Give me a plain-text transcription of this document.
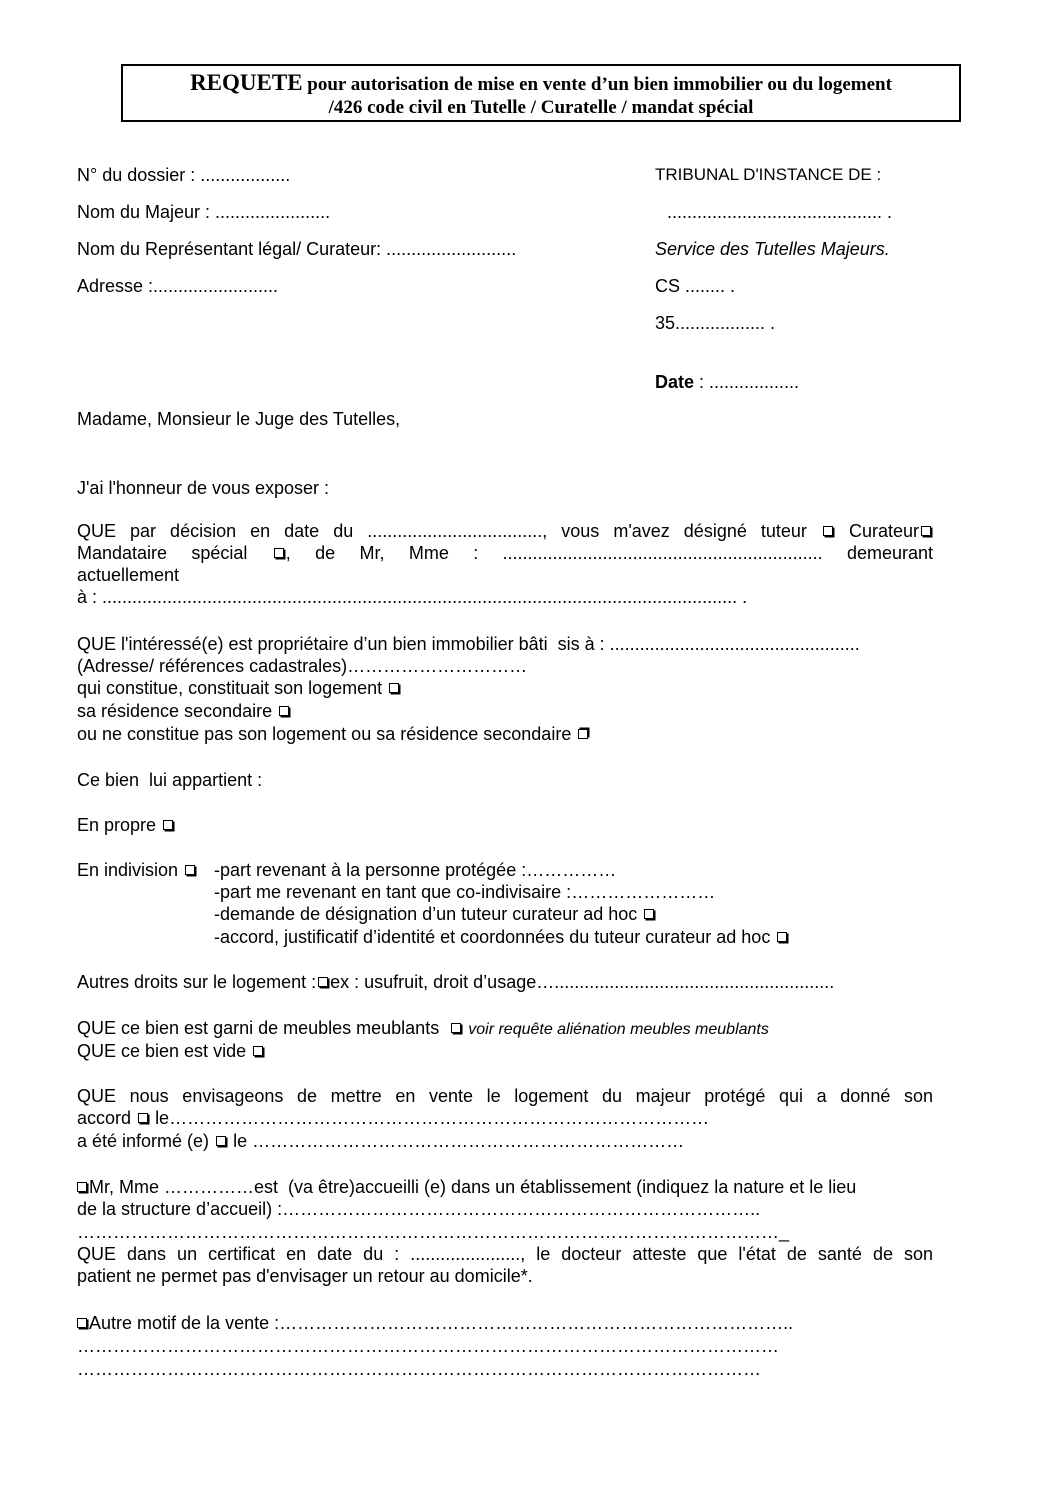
REQUETE pour autorisation de mise en vente d’un bien immobilier ou du logement
/426 code civil en Tutelle / Curatelle / mandat spécial
N° du dossier : ..................
Nom du Majeur : .......................
Nom du Représentant légal/ Curateur: ..........................
Adresse :.........................
TRIBUNAL D'INSTANCE DE :
........................................... .
Service des Tutelles Majeurs.
CS ........ .
35.................. .
Date : ..................
Madame, Monsieur le Juge des Tutelles,
J'ai l'honneur de vous exposer :
QUE par décision en date du ..................................., vous m'avez désigné tuteur Curateur
Mandataire spécial , de Mr, Mme : ................................................................ demeurant
actuellement
à : ............................................................................................................................... .
QUE l'intéressé(e) est propriétaire d’un bien immobilier bâti  sis à : ..................................................
(Adresse/ références cadastrales)…………………………
qui constitue, constituait son logement
sa résidence secondaire
ou ne constitue pas son logement ou sa résidence secondaire
Ce bien  lui appartient :
En propre
En indivision	-part revenant à la personne protégée :……………
-part me revenant en tant que co-indivisaire :……………………
-demande de désignation d’un tuteur curateur ad hoc
-accord, justificatif d’identité et coordonnées du tuteur curateur ad hoc
Autres droits sur le logement : ex : usufruit, droit d’usage…........................................................
QUE ce bien est garni de meubles meublants voir requête aliénation meubles meublants
QUE ce bien est vide
QUE nous envisageons de mettre en vente le logement du majeur protégé qui a donné son
accord le………………………………………………………………………………
a été informé (e) le ………………………………………………………………
Mr, Mme ……………est  (va être)accueilli (e) dans un établissement (indiquez la nature et le lieu
de la structure d’accueil) :……………………………………………………………………..
………………………………………………………………………………………………………_
QUE dans un certificat en date du : ......................, le docteur atteste que l'état de santé de son
patient ne permet pas d'envisager un retour au domicile*.
Autre motif de la vente :…………………………………………………………………………..
………………………………………………………………………………………………………
……………………………………………………………………………………………………
